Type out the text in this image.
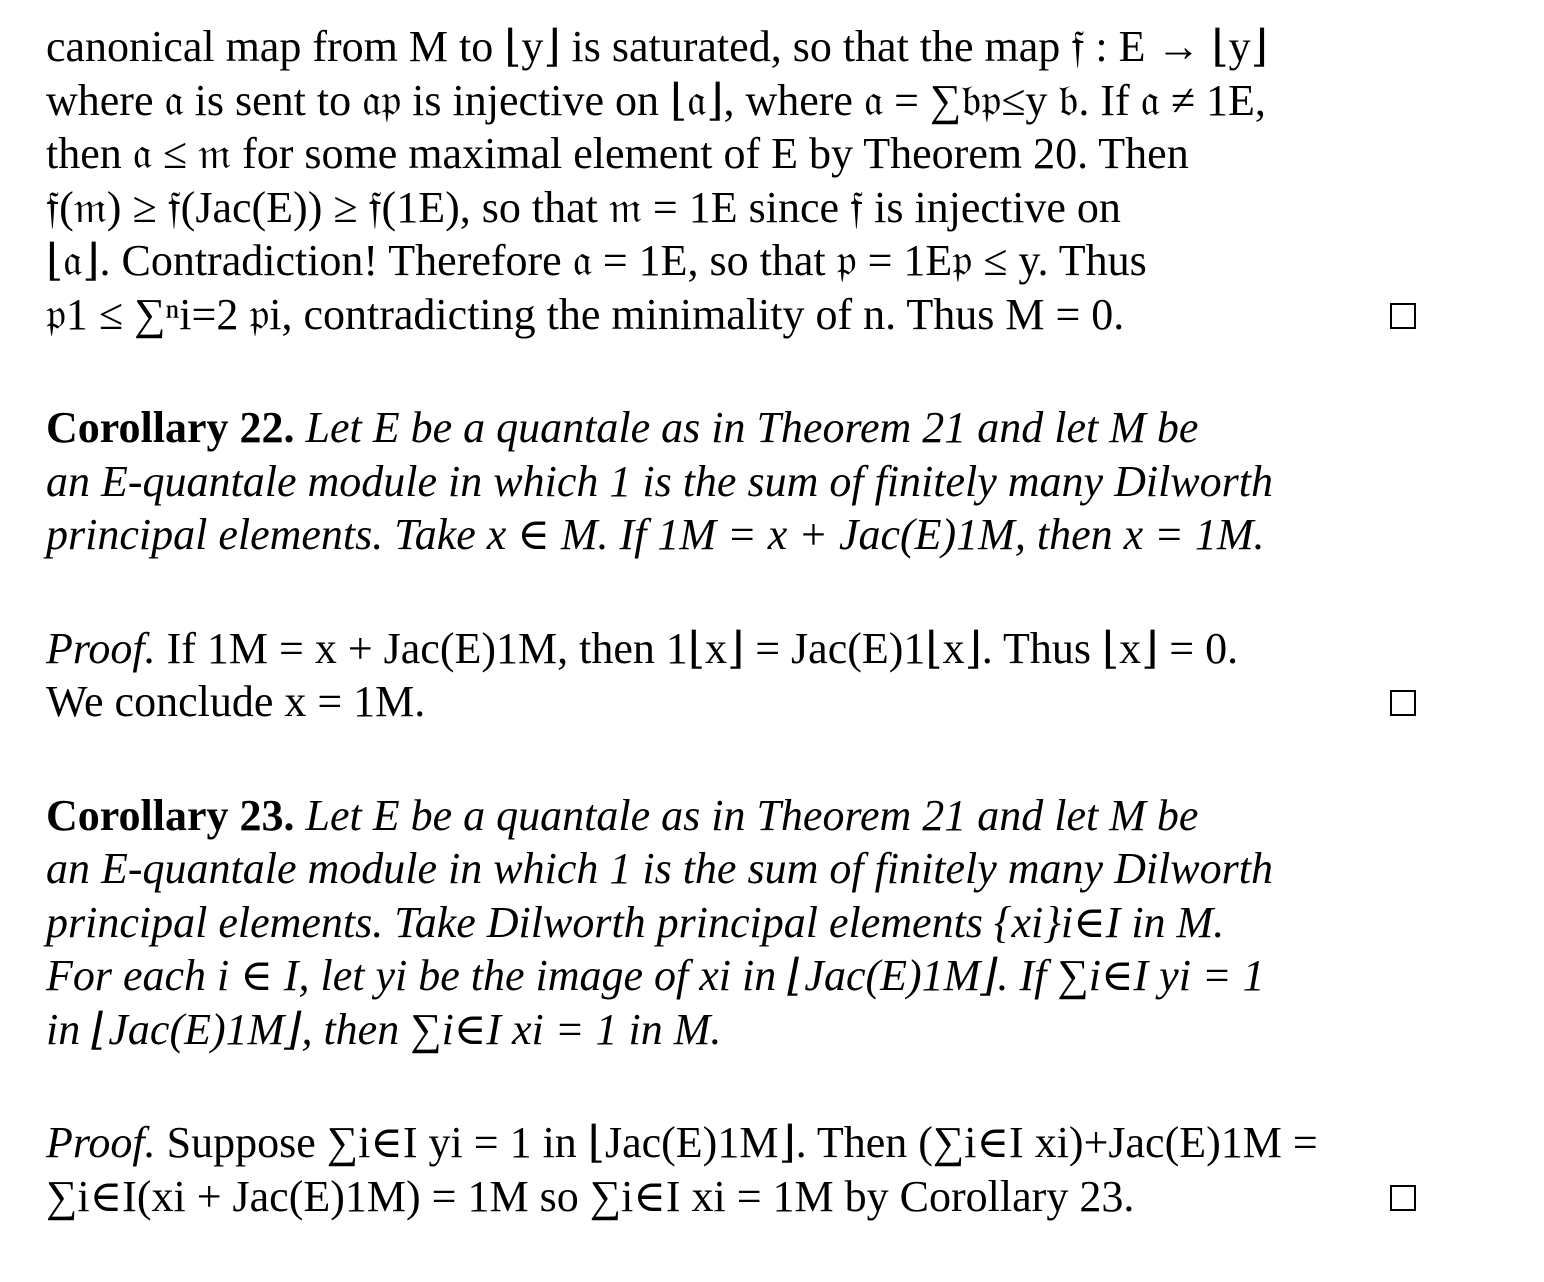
canonical map from M to ⌊y⌋ is saturated, so that the map 𝔣 : E → ⌊y⌋
where 𝔞 is sent to 𝔞𝔭 is injective on ⌊𝔞⌋, where 𝔞 = ∑𝔟𝔭≤y 𝔟. If 𝔞 ≠ 1E,
then 𝔞 ≤ 𝔪 for some maximal element of E by Theorem 20. Then
𝔣(𝔪) ≥ 𝔣(Jac(E)) ≥ 𝔣(1E), so that 𝔪 = 1E since 𝔣 is injective on
⌊𝔞⌋. Contradiction! Therefore 𝔞 = 1E, so that 𝔭 = 1E𝔭 ≤ y. Thus
𝔭1 ≤ ∑ⁿi=2 𝔭i, contradicting the minimality of n. Thus M = 0.
Corollary 22. Let E be a quantale as in Theorem 21 and let M be
an E-quantale module in which 1 is the sum of finitely many Dilworth
principal elements. Take x ∈ M. If 1M = x + Jac(E)1M, then x = 1M.
Proof. If 1M = x + Jac(E)1M, then 1⌊x⌋ = Jac(E)1⌊x⌋. Thus ⌊x⌋ = 0.
We conclude x = 1M.
Corollary 23. Let E be a quantale as in Theorem 21 and let M be
an E-quantale module in which 1 is the sum of finitely many Dilworth
principal elements. Take Dilworth principal elements {xi}i∈I in M.
For each i ∈ I, let yi be the image of xi in ⌊Jac(E)1M⌋. If ∑i∈I yi = 1
in ⌊Jac(E)1M⌋, then ∑i∈I xi = 1 in M.
Proof. Suppose ∑i∈I yi = 1 in ⌊Jac(E)1M⌋. Then (∑i∈I xi)+Jac(E)1M =
∑i∈I(xi + Jac(E)1M) = 1M so ∑i∈I xi = 1M by Corollary 23.
